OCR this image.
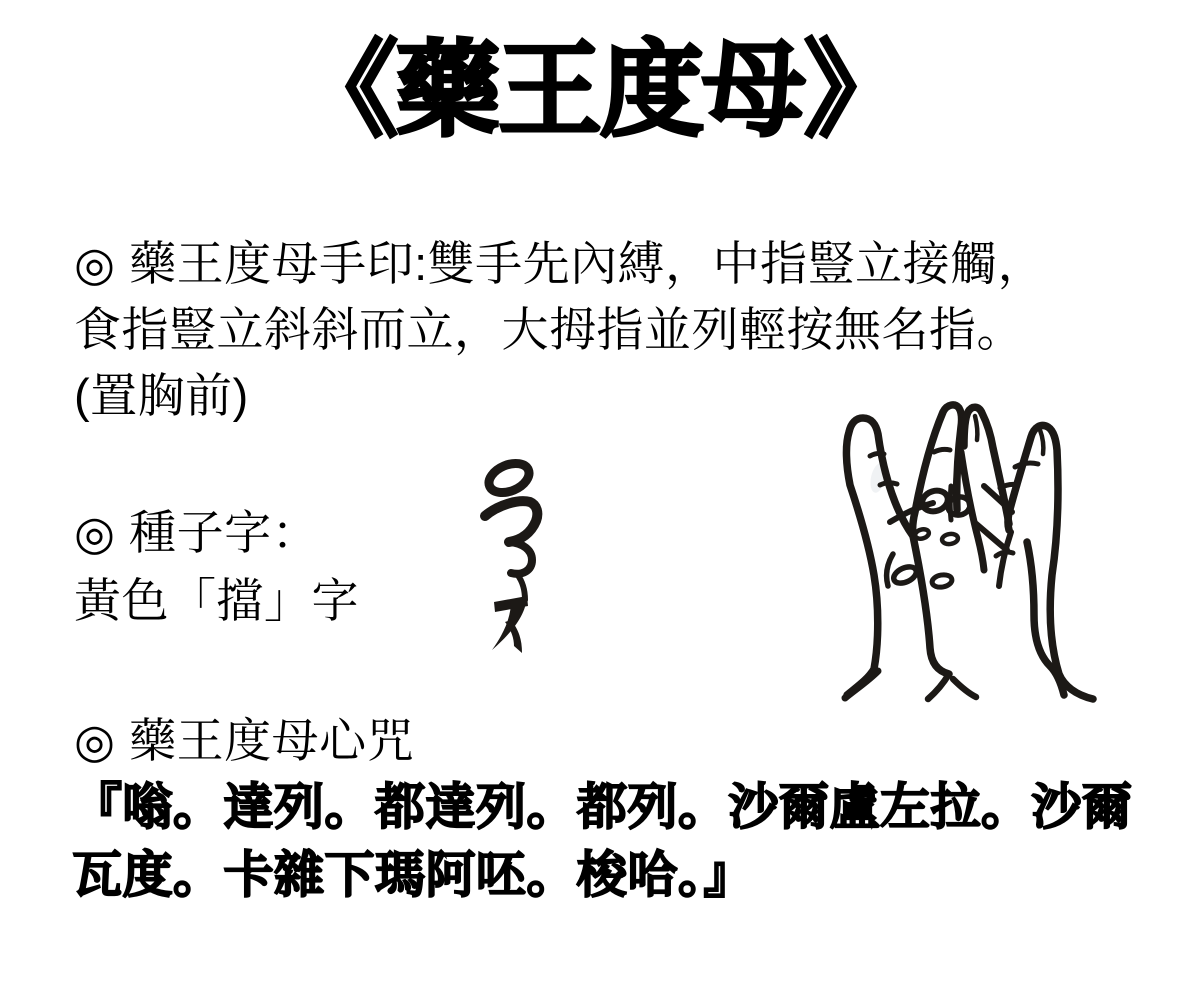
《藥王度母》
◎ 藥王度母手印:雙手先內縛，中指豎立接觸，
食指豎立斜斜而立，大拇指並列輕按無名指。
(置胸前)
◎ 種子字：
黃色「擋」字
◎ 藥王度母心咒
『嗡。達列。都達列。都列。沙爾盧左拉。沙爾
瓦度。卡雜下瑪阿呸。梭哈。』
